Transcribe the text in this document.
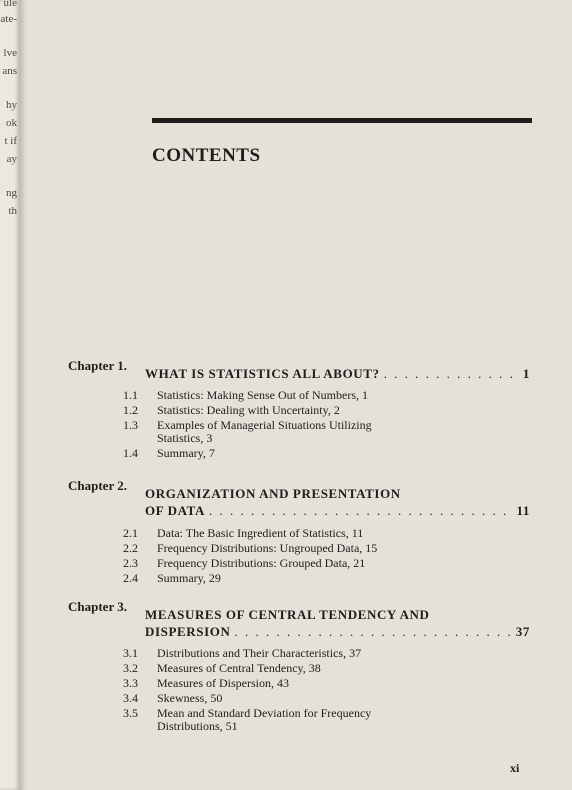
ule
ate-
lve
ans
hy
ok
t if
ay
ng
th
CONTENTS
Chapter 1.
WHAT IS STATISTICS ALL ABOUT? . . .	1
1.1	Statistics: Making Sense Out of Numbers, 1
1.2	Statistics: Dealing with Uncertainty, 2
1.3	Examples of Managerial Situations Utilizing Statistics, 3
1.4	Summary, 7
Chapter 2.
ORGANIZATION AND PRESENTATION
OF DATA . . .	11
2.1	Data: The Basic Ingredient of Statistics, 11
2.2	Frequency Distributions: Ungrouped Data, 15
2.3	Frequency Distributions: Grouped Data, 21
2.4	Summary, 29
Chapter 3.
MEASURES OF CENTRAL TENDENCY AND
DISPERSION . . .	37
3.1	Distributions and Their Characteristics, 37
3.2	Measures of Central Tendency, 38
3.3	Measures of Dispersion, 43
3.4	Skewness, 50
3.5	Mean and Standard Deviation for Frequency Distributions, 51
xi
